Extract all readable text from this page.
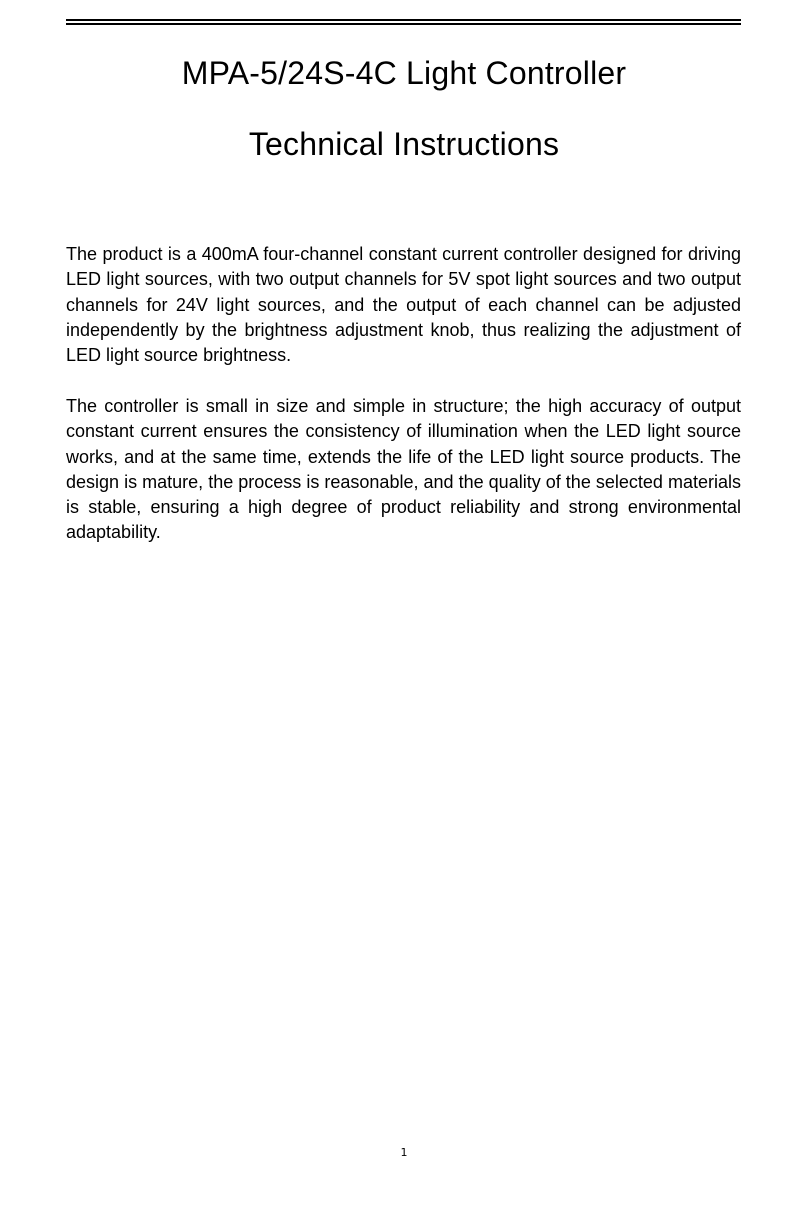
MPA-5/24S-4C Light Controller
Technical Instructions

The product is a 400mA four-channel constant current controller designed for driving LED light sources, with two output channels for 5V spot light sources and two output channels for 24V light sources, and the output of each channel can be adjusted independently by the brightness adjustment knob, thus realizing the adjustment of LED light source brightness.

The controller is small in size and simple in structure; the high accuracy of output constant current ensures the consistency of illumination when the LED light source works, and at the same time, extends the life of the LED light source products. The design is mature, the process is reasonable, and the quality of the selected materials is stable, ensuring a high degree of product reliability and strong environmental adaptability.

1
